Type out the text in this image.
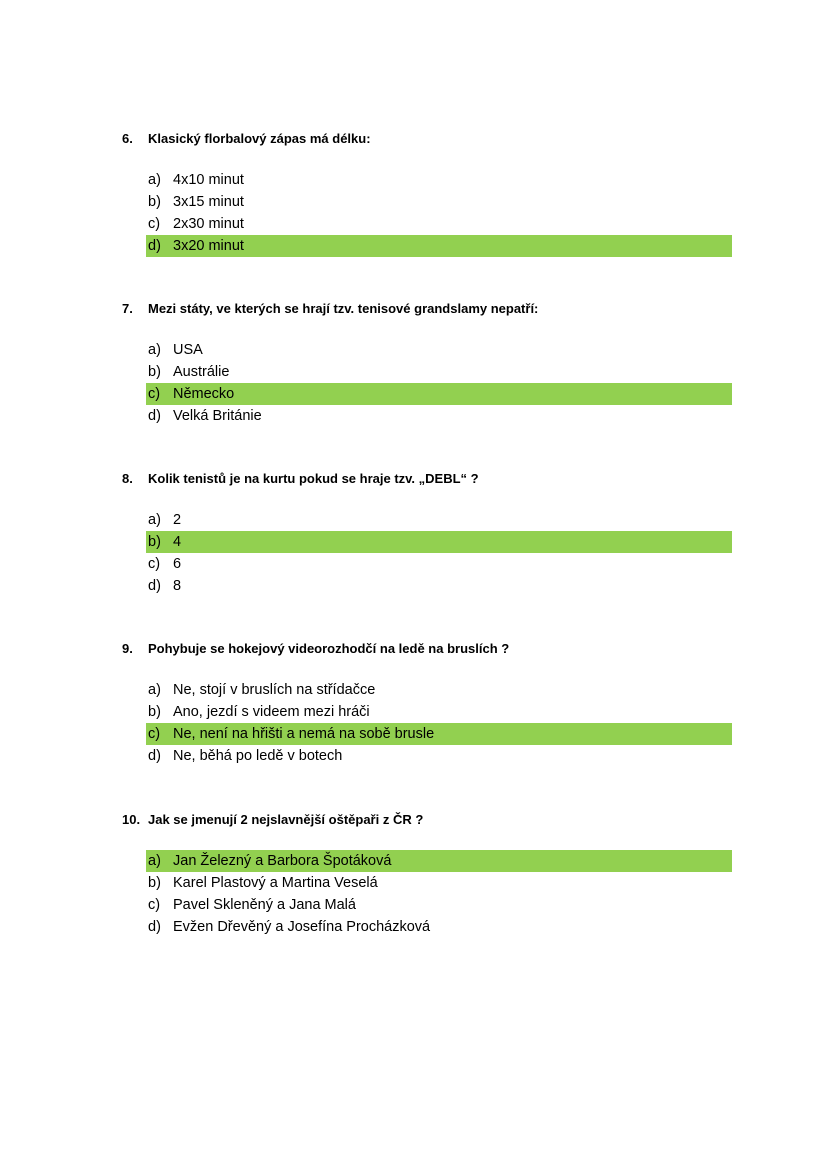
6. Klasický florbalový zápas má délku:
a) 4x10 minut
b) 3x15 minut
c) 2x30 minut
d) 3x20 minut
7. Mezi státy, ve kterých se hrají tzv. tenisové grandslamy nepatří:
a) USA
b) Austrálie
c) Německo
d) Velká Británie
8. Kolik tenistů je na kurtu pokud se hraje tzv. „DEBL“ ?
a) 2
b) 4
c) 6
d) 8
9. Pohybuje se hokejový videorozhodčí na ledě na bruslích ?
a) Ne, stojí v bruslích na střídačce
b) Ano, jezdí s videem mezi hráči
c) Ne, není na hřišti a nemá na sobě brusle
d) Ne, běhá po ledě v botech
10. Jak se jmenují 2 nejslavnější oštěpaři z ČR ?
a) Jan Železný a Barbora Špotáková
b) Karel Plastový a Martina Veselá
c) Pavel Skleněný a Jana Malá
d) Evžen Dřevěný a Josefína Procházková
